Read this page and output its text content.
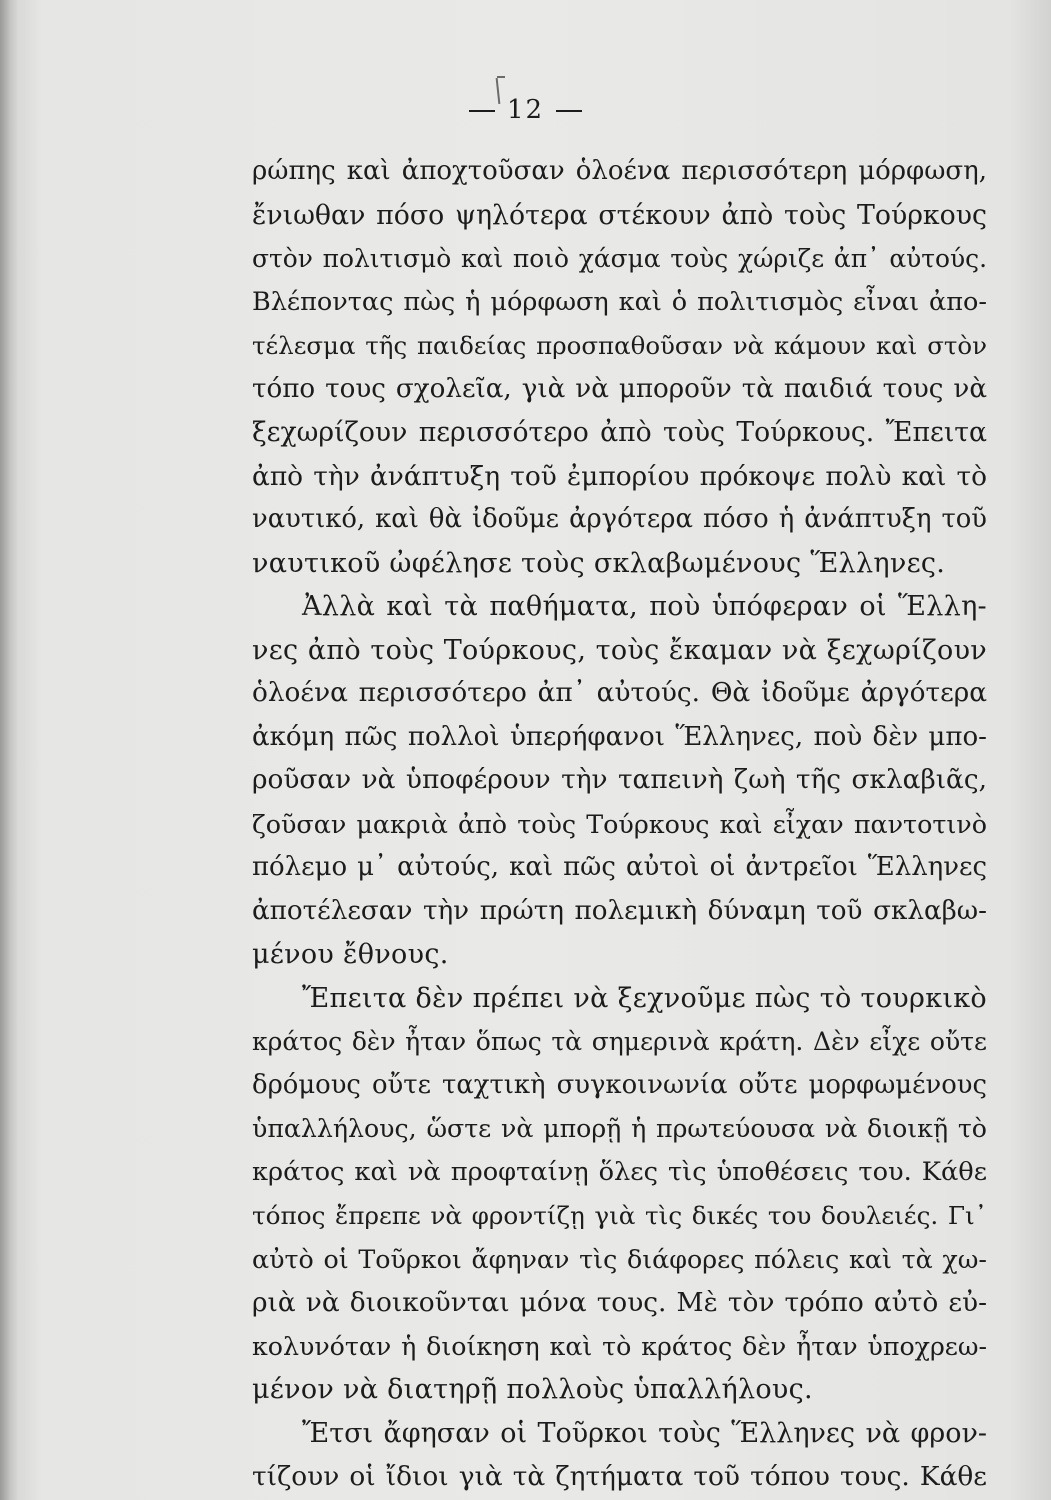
12
ρώπης καὶ ἀποχτοῦσαν ὁλοένα περισσότερη μόρφωση,
ἔνιωθαν πόσο ψηλότερα στέκουν ἀπὸ τοὺς Τούρκους
στὸν πολιτισμὸ καὶ ποιὸ χάσμα τοὺς χώριζε ἀπ᾽ αὐτούς.
Βλέποντας πὼς ἡ μόρφωση καὶ ὁ πολιτισμὸς εἶναι ἀπο-
τέλεσμα τῆς παιδείας προσπαθοῦσαν νὰ κάμουν καὶ στὸν
τόπο τους σχολεῖα, γιὰ νὰ μποροῦν τὰ παιδιά τους νὰ
ξεχωρίζουν περισσότερο ἀπὸ τοὺς Τούρκους. Ἔπειτα
ἀπὸ τὴν ἀνάπτυξη τοῦ ἐμπορίου πρόκοψε πολὺ καὶ τὸ
ναυτικό, καὶ θὰ ἰδοῦμε ἀργότερα πόσο ἡ ἀνάπτυξη τοῦ
ναυτικοῦ ὠφέλησε τοὺς σκλαβωμένους Ἕλληνες.
Ἀλλὰ καὶ τὰ παθήματα, ποὺ ὑπόφεραν οἱ Ἕλλη-
νες ἀπὸ τοὺς Τούρκους, τοὺς ἔκαμαν νὰ ξεχωρίζουν
ὁλοένα περισσότερο ἀπ᾽ αὐτούς. Θὰ ἰδοῦμε ἀργότερα
ἀκόμη πῶς πολλοὶ ὑπερήφανοι Ἕλληνες, ποὺ δὲν μπο-
ροῦσαν νὰ ὑποφέρουν τὴν ταπεινὴ ζωὴ τῆς σκλαβιᾶς,
ζοῦσαν μακριὰ ἀπὸ τοὺς Τούρκους καὶ εἶχαν παντοτινὸ
πόλεμο μ᾽ αὐτούς, καὶ πῶς αὐτοὶ οἱ ἀντρεῖοι Ἕλληνες
ἀποτέλεσαν τὴν πρώτη πολεμικὴ δύναμη τοῦ σκλαβω-
μένου ἔθνους.
Ἔπειτα δὲν πρέπει νὰ ξεχνοῦμε πὼς τὸ τουρκικὸ
κράτος δὲν ἦταν ὅπως τὰ σημερινὰ κράτη. Δὲν εἶχε οὔτε
δρόμους οὔτε ταχτικὴ συγκοινωνία οὔτε μορφωμένους
ὑπαλλήλους, ὥστε νὰ μπορῇ ἡ πρωτεύουσα νὰ διοικῇ τὸ
κράτος καὶ νὰ προφταίνῃ ὅλες τὶς ὑποθέσεις του. Κάθε
τόπος ἔπρεπε νὰ φροντίζῃ γιὰ τὶς δικές του δουλειές. Γι᾽
αὐτὸ οἱ Τοῦρκοι ἄφηναν τὶς διάφορες πόλεις καὶ τὰ χω-
ριὰ νὰ διοικοῦνται μόνα τους. Μὲ τὸν τρόπο αὐτὸ εὐ-
κολυνόταν ἡ διοίκηση καὶ τὸ κράτος δὲν ἦταν ὑποχρεω-
μένον νὰ διατηρῇ πολλοὺς ὑπαλλήλους.
Ἔτσι ἄφησαν οἱ Τοῦρκοι τοὺς Ἕλληνες νὰ φρον-
τίζουν οἱ ἴδιοι γιὰ τὰ ζητήματα τοῦ τόπου τους. Κάθε
